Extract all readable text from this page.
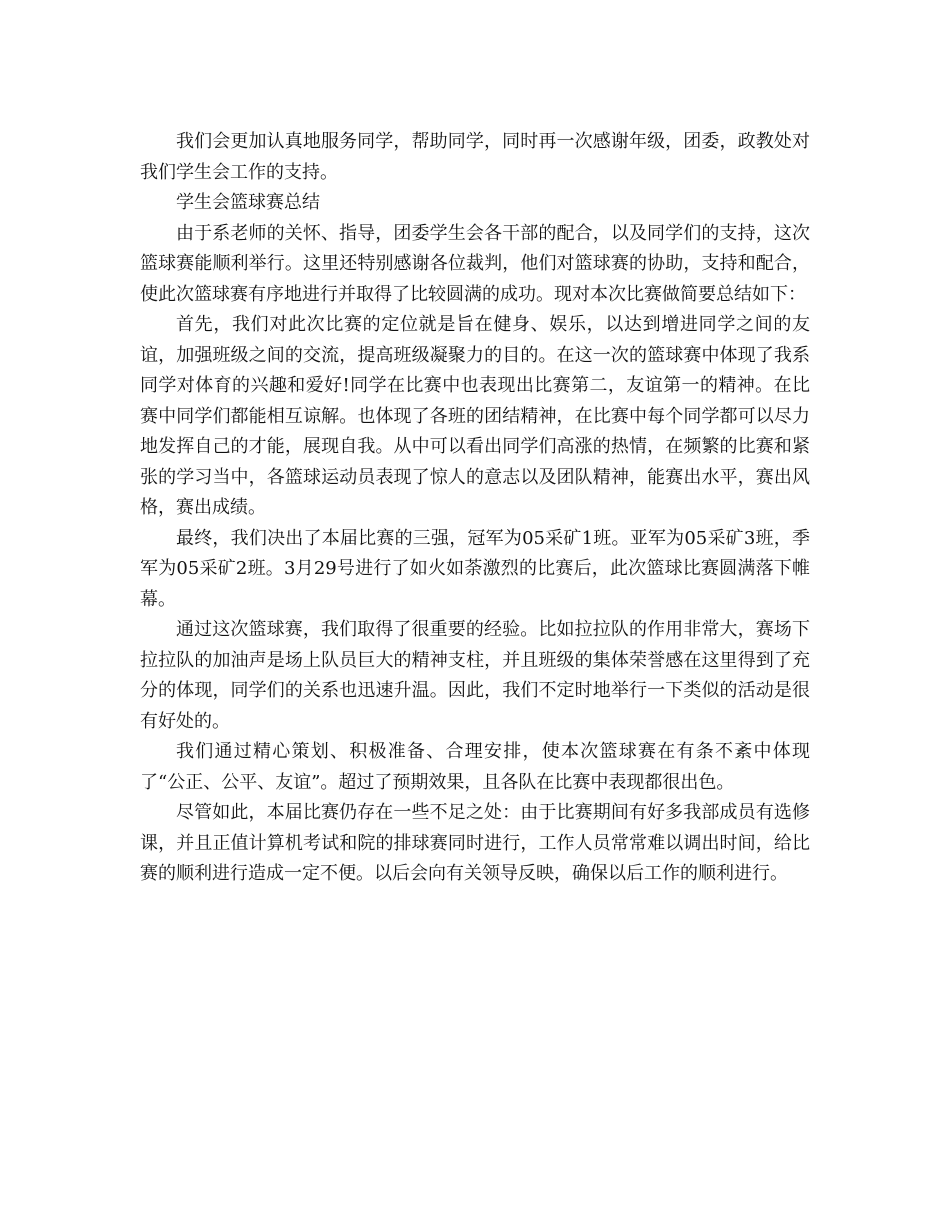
我们会更加认真地服务同学，帮助同学，同时再一次感谢年级，团委，政教处对我们学生会工作的支持。

学生会篮球赛总结

由于系老师的关怀、指导，团委学生会各干部的配合，以及同学们的支持，这次篮球赛能顺利举行。这里还特别感谢各位裁判，他们对篮球赛的协助，支持和配合，使此次篮球赛有序地进行并取得了比较圆满的成功。现对本次比赛做简要总结如下：

首先，我们对此次比赛的定位就是旨在健身、娱乐，以达到增进同学之间的友谊，加强班级之间的交流，提高班级凝聚力的目的。在这一次的篮球赛中体现了我系同学对体育的兴趣和爱好!同学在比赛中也表现出比赛第二，友谊第一的精神。在比赛中同学们都能相互谅解。也体现了各班的团结精神，在比赛中每个同学都可以尽力地发挥自己的才能，展现自我。从中可以看出同学们高涨的热情，在频繁的比赛和紧张的学习当中，各篮球运动员表现了惊人的意志以及团队精神，能赛出水平，赛出风格，赛出成绩。

最终，我们决出了本届比赛的三强，冠军为05采矿1班。亚军为05采矿3班，季军为05采矿2班。3月29号进行了如火如荼激烈的比赛后，此次篮球比赛圆满落下帷幕。

通过这次篮球赛，我们取得了很重要的经验。比如拉拉队的作用非常大，赛场下拉拉队的加油声是场上队员巨大的精神支柱，并且班级的集体荣誉感在这里得到了充分的体现，同学们的关系也迅速升温。因此，我们不定时地举行一下类似的活动是很有好处的。

我们通过精心策划、积极准备、合理安排，使本次篮球赛在有条不紊中体现了“公正、公平、友谊”。超过了预期效果，且各队在比赛中表现都很出色。

尽管如此，本届比赛仍存在一些不足之处：由于比赛期间有好多我部成员有选修课，并且正值计算机考试和院的排球赛同时进行，工作人员常常难以调出时间，给比赛的顺利进行造成一定不便。以后会向有关领导反映，确保以后工作的顺利进行。
